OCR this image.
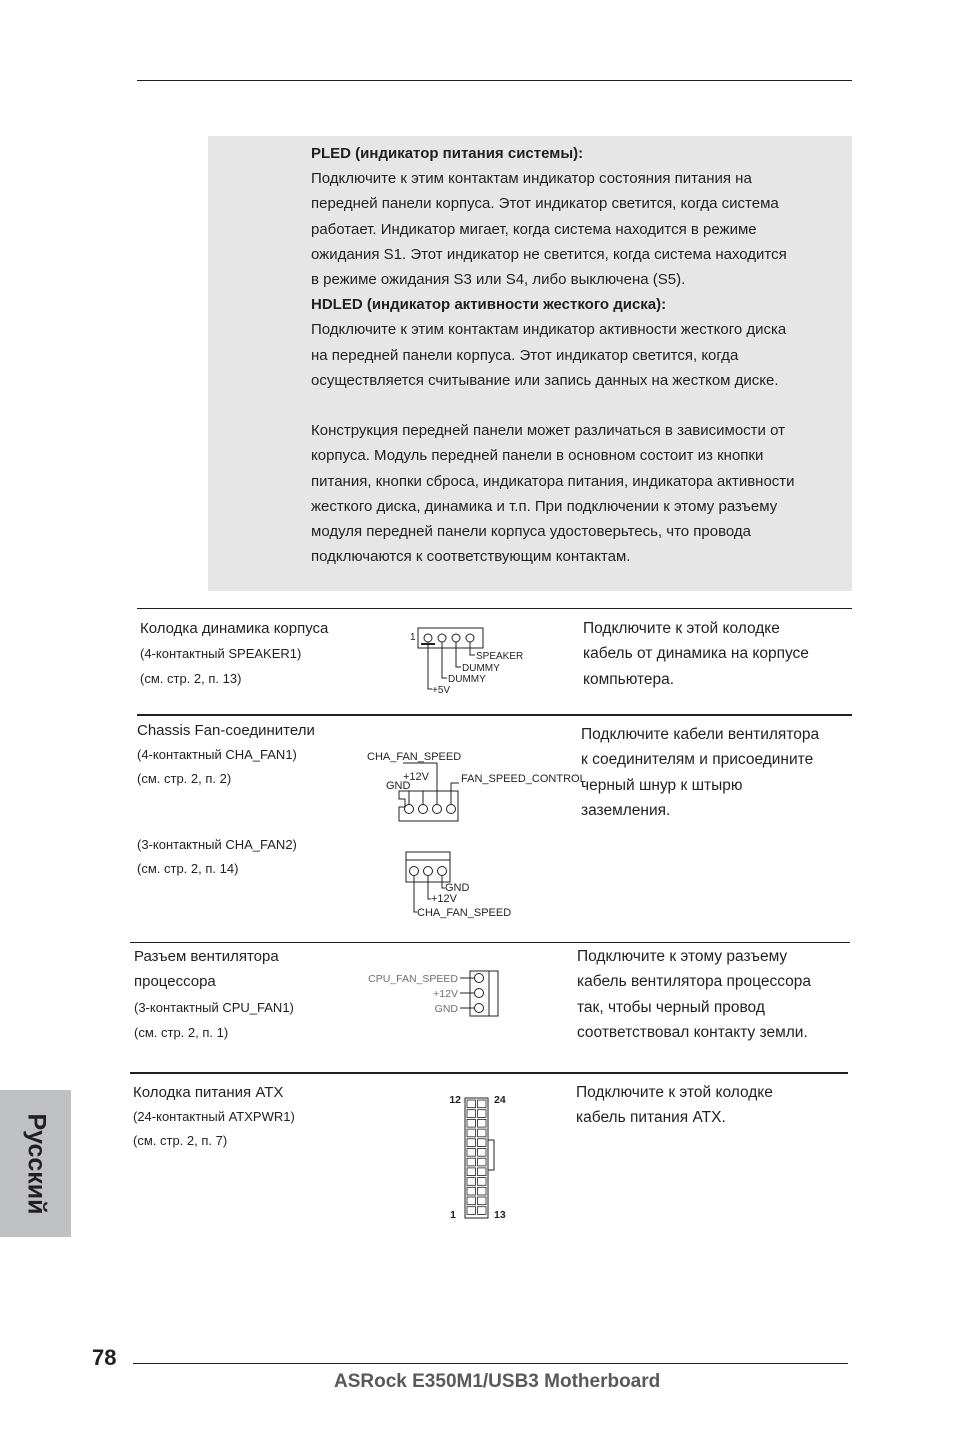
PLED (индикатор питания системы):
Подключите к этим контактам индикатор состояния питания на
передней панели корпуса. Этот индикатор светится, когда система
работает. Индикатор мигает, когда система находится в режиме
ожидания S1. Этот индикатор не светится, когда система находится
в режиме ожидания S3 или S4, либо выключена (S5).
HDLED (индикатор активности жесткого диска):
Подключите к этим контактам индикатор активности жесткого диска
на передней панели корпуса. Этот индикатор светится, когда
осуществляется считывание или запись данных на жестком диске.
Конструкция передней панели может различаться в зависимости от
корпуса. Модуль передней панели в основном состоит из кнопки
питания, кнопки сброса, индикатора питания, индикатора активности
жесткого диска, динамика и т.п. При подключении к этому разъему
модуля передней панели корпуса удостоверьтесь, что провода
подключаются к соответствующим контактам.
Колодка динамика корпуса
(4-контактный SPEAKER1)
(см. стр. 2, п. 13)
1
SPEAKER
DUMMY
DUMMY
+5V
Подключите к этой колодке
кабель от динамика на корпусе
компьютера.
Chassis Fan-соединители
(4-контактный CHA_FAN1)
(см. стр. 2, п. 2)
(3-контактный CHA_FAN2)
(см. стр. 2, п. 14)
CHA_FAN_SPEED
+12V
GND
FAN_SPEED_CONTROL
GND
+12V
CHA_FAN_SPEED
Подключите кабели вентилятора
к соединителям и присоедините
черный шнур к штырю
заземления.
Разъем вентилятора
процессора
(3-контактный CPU_FAN1)
(см. стр. 2, п. 1)
CPU_FAN_SPEED
+12V
GND
Подключите к этому разъему
кабель вентилятора процессора
так, чтобы черный провод
соответствовал контакту земли.
Колодка питания ATX
(24-контактный ATXPWR1)
(см. стр. 2, п. 7)
12	24
1	13
Подключите к этой колодке
кабель питания ATX.
Русский
78
ASRock E350M1/USB3 Motherboard
